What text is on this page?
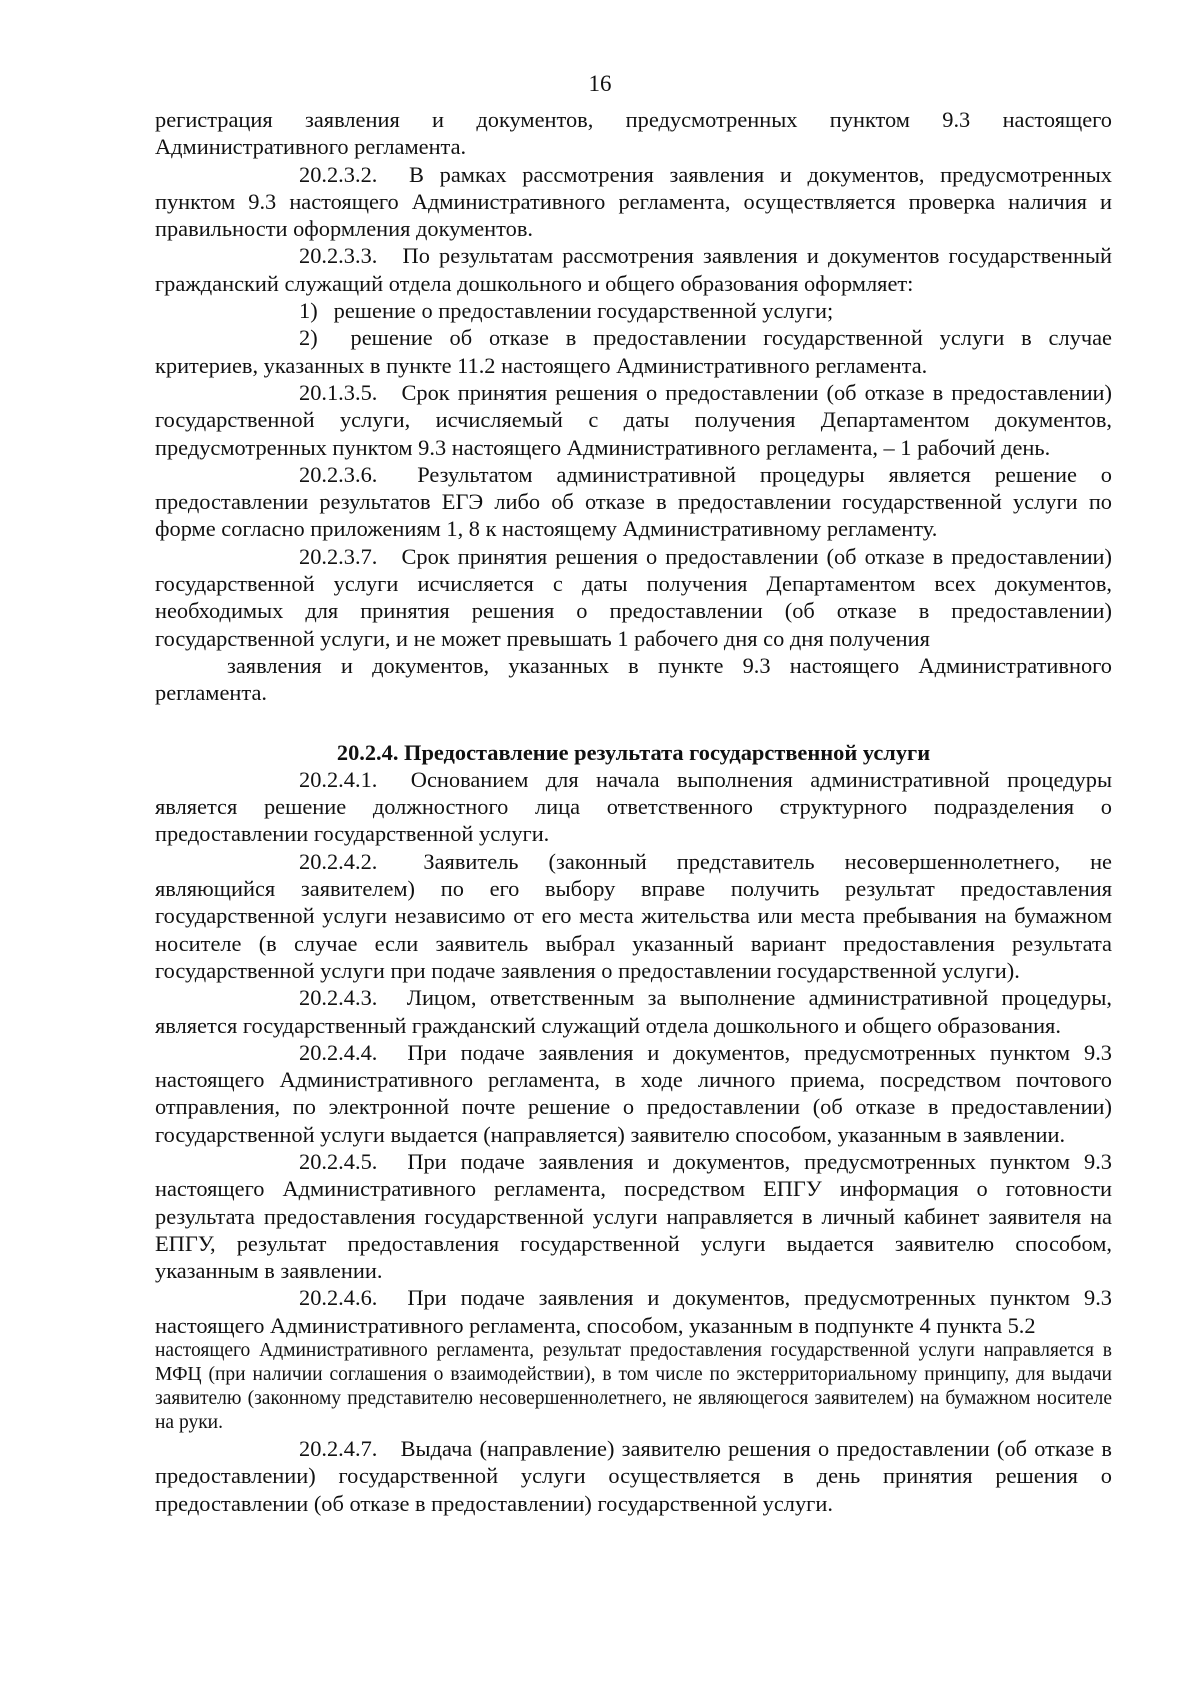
16

регистрация заявления и документов, предусмотренных пунктом 9.3 настоящего Административного регламента.

20.2.3.2. В рамках рассмотрения заявления и документов, предусмотренных пунктом 9.3 настоящего Административного регламента, осуществляется проверка наличия и правильности оформления документов.

20.2.3.3. По результатам рассмотрения заявления и документов государственный гражданский служащий отдела дошкольного и общего образования оформляет:

1) решение о предоставлении государственной услуги;

2) решение об отказе в предоставлении государственной услуги в случае критериев, указанных в пункте 11.2 настоящего Административного регламента.

20.1.3.5. Срок принятия решения о предоставлении (об отказе в предоставлении) государственной услуги, исчисляемый с даты получения Департаментом документов, предусмотренных пунктом 9.3 настоящего Административного регламента, – 1 рабочий день.

20.2.3.6. Результатом административной процедуры является решение о предоставлении результатов ЕГЭ либо об отказе в предоставлении государственной услуги по форме согласно приложениям 1, 8 к настоящему Административному регламенту.

20.2.3.7. Срок принятия решения о предоставлении (об отказе в предоставлении) государственной услуги исчисляется с даты получения Департаментом всех документов, необходимых для принятия решения о предоставлении (об отказе в предоставлении) государственной услуги, и не может превышать 1 рабочего дня со дня получения

заявления и документов, указанных в пункте 9.3 настоящего Административного регламента.

20.2.4. Предоставление результата государственной услуги

20.2.4.1. Основанием для начала выполнения административной процедуры является решение должностного лица ответственного структурного подразделения о предоставлении государственной услуги.

20.2.4.2. Заявитель (законный представитель несовершеннолетнего, не являющийся заявителем) по его выбору вправе получить результат предоставления государственной услуги независимо от его места жительства или места пребывания на бумажном носителе (в случае если заявитель выбрал указанный вариант предоставления результата государственной услуги при подаче заявления о предоставлении государственной услуги).

20.2.4.3. Лицом, ответственным за выполнение административной процедуры, является государственный гражданский служащий отдела дошкольного и общего образования.

20.2.4.4. При подаче заявления и документов, предусмотренных пунктом 9.3 настоящего Административного регламента, в ходе личного приема, посредством почтового отправления, по электронной почте решение о предоставлении (об отказе в предоставлении) государственной услуги выдается (направляется) заявителю способом, указанным в заявлении.

20.2.4.5. При подаче заявления и документов, предусмотренных пунктом 9.3 настоящего Административного регламента, посредством ЕПГУ информация о готовности результата предоставления государственной услуги направляется в личный кабинет заявителя на ЕПГУ, результат предоставления государственной услуги выдается заявителю способом, указанным в заявлении.

20.2.4.6. При подаче заявления и документов, предусмотренных пунктом 9.3 настоящего Административного регламента, способом, указанным в подпункте 4 пункта 5.2

настоящего Административного регламента, результат предоставления государственной услуги направляется в МФЦ (при наличии соглашения о взаимодействии), в том числе по экстерриториальному принципу, для выдачи заявителю (законному представителю несовершеннолетнего, не являющегося заявителем) на бумажном носителе на руки.

20.2.4.7. Выдача (направление) заявителю решения о предоставлении (об отказе в предоставлении) государственной услуги осуществляется в день принятия решения о предоставлении (об отказе в предоставлении) государственной услуги.
